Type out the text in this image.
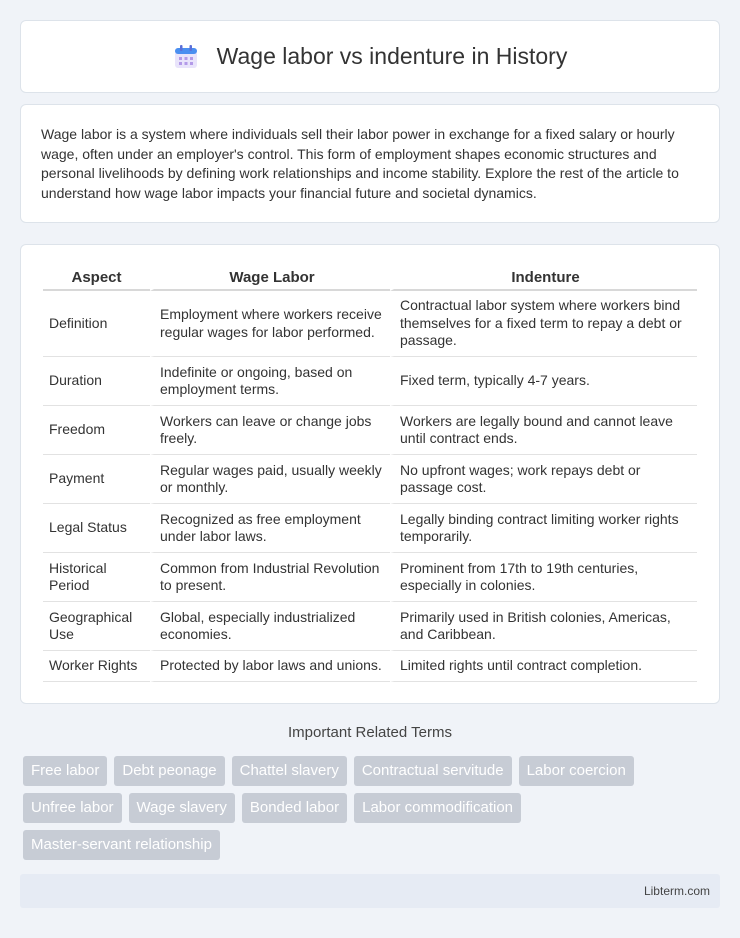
Wage labor vs indenture in History

Wage labor is a system where individuals sell their labor power in exchange for a fixed salary or hourly wage, often under an employer's control. This form of employment shapes economic structures and personal livelihoods by defining work relationships and income stability. Explore the rest of the article to understand how wage labor impacts your financial future and societal dynamics.

Aspect	Wage Labor	Indenture
Definition	Employment where workers receive regular wages for labor performed.	Contractual labor system where workers bind themselves for a fixed term to repay a debt or passage.
Duration	Indefinite or ongoing, based on employment terms.	Fixed term, typically 4-7 years.
Freedom	Workers can leave or change jobs freely.	Workers are legally bound and cannot leave until contract ends.
Payment	Regular wages paid, usually weekly or monthly.	No upfront wages; work repays debt or passage cost.
Legal Status	Recognized as free employment under labor laws.	Legally binding contract limiting worker rights temporarily.
Historical Period	Common from Industrial Revolution to present.	Prominent from 17th to 19th centuries, especially in colonies.
Geographical Use	Global, especially industrialized economies.	Primarily used in British colonies, Americas, and Caribbean.
Worker Rights	Protected by labor laws and unions.	Limited rights until contract completion.
Important Related Terms
Free labor	Debt peonage	Chattel slavery	Contractual servitude	Labor coercion
Unfree labor	Wage slavery	Bonded labor	Labor commodification
Master-servant relationship
Libterm.com
